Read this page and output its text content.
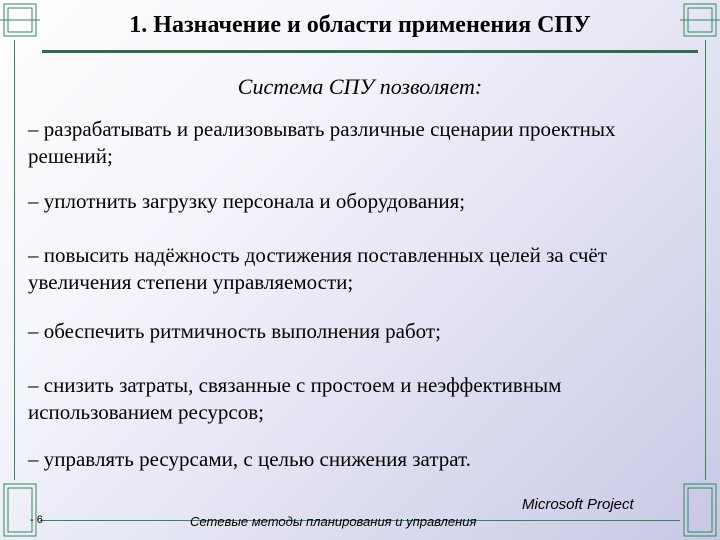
1. Назначение и области применения СПУ
Система СПУ позволяет:
– разрабатывать и реализовывать различные сценарии проектных решений;
– уплотнить загрузку персонала и оборудования;
– повысить надёжность достижения поставленных целей за счёт увеличения степени управляемости;
– обеспечить ритмичность выполнения работ;
– снизить затраты, связанные с простоем и неэффективным использованием ресурсов;
– управлять ресурсами, с целью снижения затрат.
- 6	Сетевые методы планирования и управления
Microsoft Project
